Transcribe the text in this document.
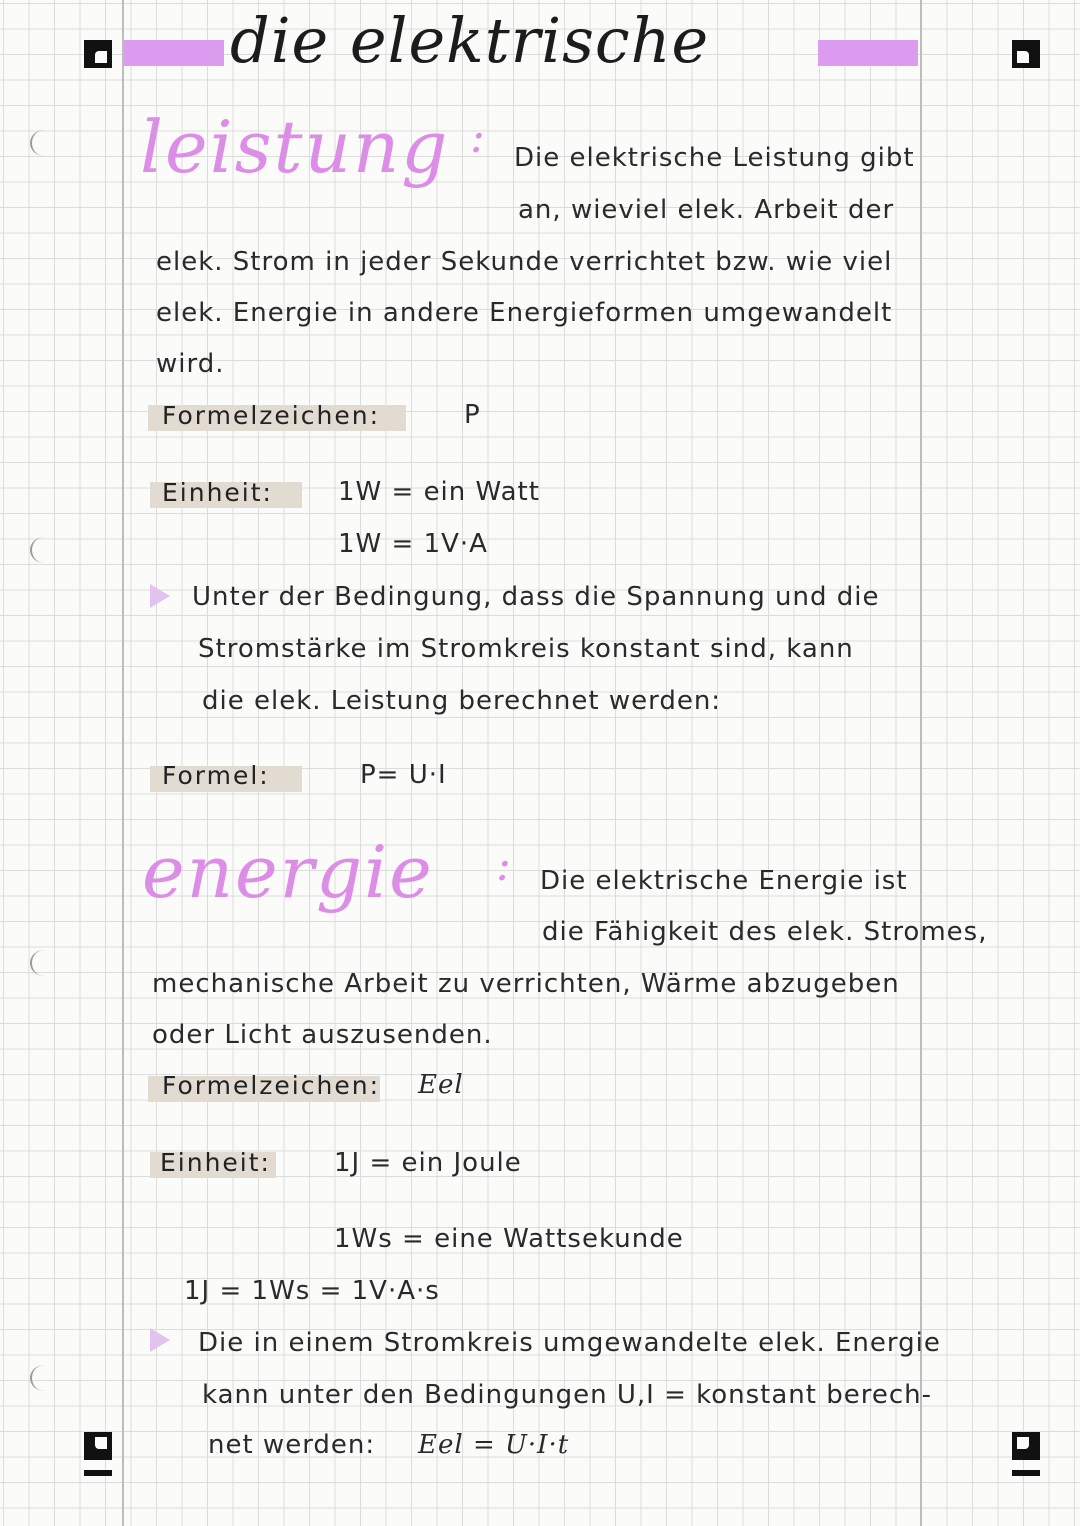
die elektrische
leistung : Die elektrische Leistung gibt
an, wieviel elek. Arbeit der
elek. Strom in jeder Sekunde verrichtet bzw. wie viel
elek. Energie in andere Energieformen umgewandelt
wird.
Formelzeichen:	P
Einheit:	1W = ein Watt
1W = 1V·A
Unter der Bedingung, dass die Spannung und die
Stromstärke im Stromkreis konstant sind, kann
die elek. Leistung berechnet werden:
Formel:	P= U·I
energie : Die elektrische Energie ist
die Fähigkeit des elek. Stromes,
mechanische Arbeit zu verrichten, Wärme abzugeben
oder Licht auszusenden.
Formelzeichen: Eel
Einheit: 1J = ein Joule
1Ws = eine Wattsekunde
1J = 1Ws = 1V·A·s
Die in einem Stromkreis umgewandelte elek. Energie
kann unter den Bedingungen U,I = konstant berech-
net werden: Eel = U·I·t
